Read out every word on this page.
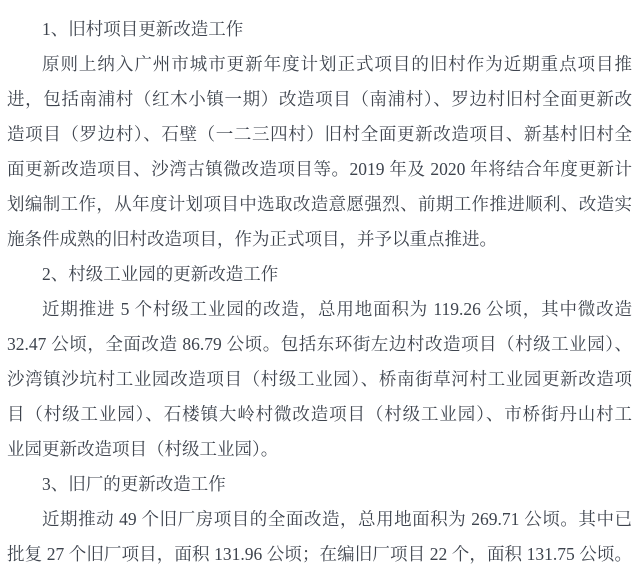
1、旧村项目更新改造工作
原则上纳入广州市城市更新年度计划正式项目的旧村作为近期重点项目推
进，包括南浦村（红木小镇一期）改造项目（南浦村）、罗边村旧村全面更新改
造项目（罗边村）、石壁（一二三四村）旧村全面更新改造项目、新基村旧村全
面更新改造项目、沙湾古镇微改造项目等。2019 年及 2020 年将结合年度更新计
划编制工作，从年度计划项目中选取改造意愿强烈、前期工作推进顺利、改造实
施条件成熟的旧村改造项目，作为正式项目，并予以重点推进。
2、村级工业园的更新改造工作
近期推进 5 个村级工业园的改造，总用地面积为 119.26 公顷，其中微改造
32.47 公顷，全面改造 86.79 公顷。包括东环街左边村改造项目（村级工业园）、
沙湾镇沙坑村工业园改造项目（村级工业园）、桥南街草河村工业园更新改造项
目（村级工业园）、石楼镇大岭村微改造项目（村级工业园）、市桥街丹山村工
业园更新改造项目（村级工业园）。
3、旧厂的更新改造工作
近期推动 49 个旧厂房项目的全面改造，总用地面积为 269.71 公顷。其中已
批复 27 个旧厂项目，面积 131.96 公顷；在编旧厂项目 22 个，面积 131.75 公顷。
